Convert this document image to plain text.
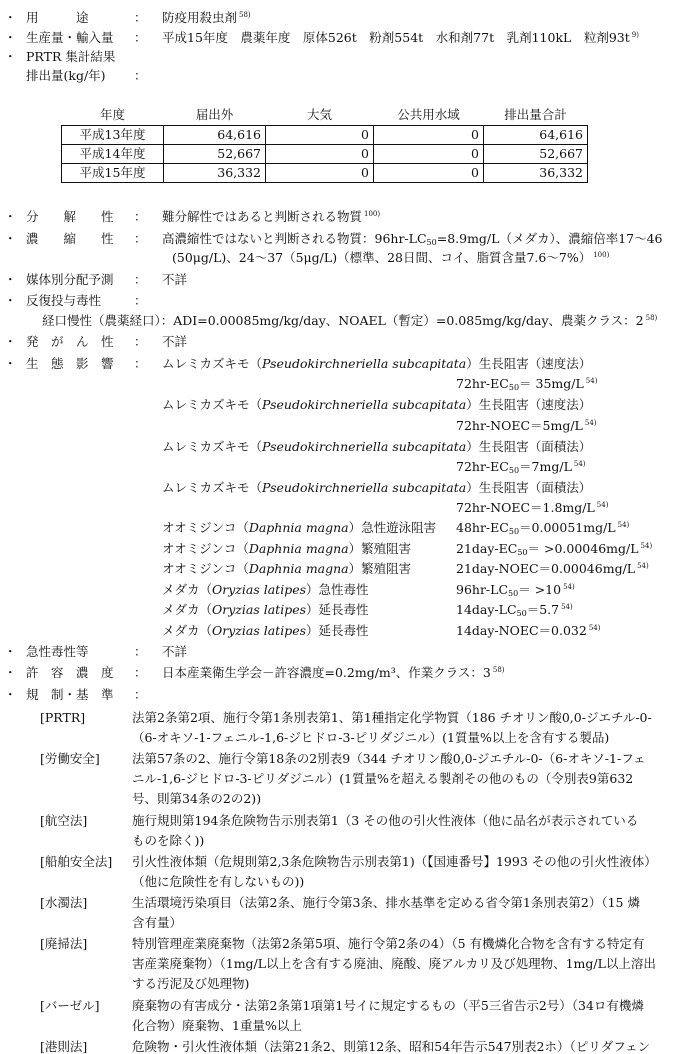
・ 用　　　途	： 防疫用殺虫剤 $^{58)}$
・ 生産量・輸入量 ： 平成15年度　農薬年度　原体526t　粉剤554t　水和剤77t　乳剤110kL　粒剤93t $^{9)}$
・ PRTR 集計結果
排出量(kg/年) ：
年度	届出外	大気	公共用水域	排出量合計
平成13年度	64,616	0	0	64,616
平成14年度	52,667	0	0	52,667
平成15年度	36,332	0	0	36,332
・ 分　　解　　性 ： 難分解性ではあると判断される物質 $^{100)}$
・ 濃　　縮　　性 ： 高濃縮性ではないと判断される物質：$96hr-LC_{50}=8.9mg/L$（メダカ）、濃縮倍率17～46
(50μg/L)、24～37（5μg/L)（標準、28日間、コイ、脂質含量7.6～7%） $^{100)}$
・ 媒体別分配予測 ： 不詳
・ 反復投与毒性	：
経口慢性（農薬経口）：ADI=0.00085mg/kg/day、NOAEL（暫定）=0.085mg/kg/day、農薬クラス：2 $^{58)}$
・ 発　が　ん　性 ： 不詳
・ 生　態　影　響 ： ムレミカズキモ（Pseudokirchneriella subcapitata）生長阻害（速度法）
$72hr-EC_{50}= 35mg/L$ $^{54)}$
ムレミカズキモ（Pseudokirchneriella subcapitata）生長阻害（速度法）
72hr-NOEC＝5mg/L $^{54)}$
ムレミカズキモ（Pseudokirchneriella subcapitata）生長阻害（面積法）
$72hr-EC_{50}=7mg/L$ $^{54)}$
ムレミカズキモ（Pseudokirchneriella subcapitata）生長阻害（面積法）
72hr-NOEC＝1.8mg/L $^{54)}$
オオミジンコ（Daphnia magna）急性遊泳阻害 $48hr-EC_{50}=0.00051mg/L$ $^{54)}$
オオミジンコ（Daphnia magna）繁殖阻害	$21day-EC_{50}= >0.00046mg/L$ $^{54)}$
オオミジンコ（Daphnia magna）繁殖阻害	21day-NOEC＝0.00046mg/L $^{54)}$
メダカ（Oryzias latipes）急性毒性	$96hr-LC_{50}= >10$ $^{54)}$
メダカ（Oryzias latipes）延長毒性	$14day-LC_{50}=5.7$ $^{54)}$
メダカ（Oryzias latipes）延長毒性	14day-NOEC＝0.032 $^{54)}$
・ 急性毒性等	： 不詳
・ 許　容　濃　度 ： 日本産業衛生学会－許容濃度=0.2mg/m³、作業クラス：3 $^{58)}$
・ 規　制・基　準 ：
[PRTR]	法第2条第2項、施行令第1条別表第1、第1種指定化学物質（186 チオリン酸0,0-ジエチル-0-
（6-オキソ-1-フェニル-1,6-ジヒドロ-3-ピリダジニル）(1質量%以上を含有する製品)
[労働安全]	法第57条の2、施行令第18条の2別表9（344 チオリン酸0,0-ジエチル-0-（6-オキソ-1-フェ
ニル-1,6-ジヒドロ-3-ピリダジニル）(1質量%を超える製剤その他のもの（令別表9第632
号、則第34条の2の2))
[航空法]	施行規則第194条危険物告示別表第1（3 その他の引火性液体（他に品名が表示されている
ものを除く))
[船舶安全法] 引火性液体類（危規則第2,3条危険物告示別表第1)（【国連番号】1993 その他の引火性液体）
（他に危険性を有しないもの))
[水濁法]	生活環境汚染項目（法第2条、施行令第3条、排水基準を定める省令第1条別表第2）（15 燐
含有量）
[廃掃法]	特別管理産業廃棄物（法第2条第5項、施行令第2条の4）（5 有機燐化合物を含有する特定有
害産業廃棄物）（1mg/L以上を含有する廃油、廃酸、廃アルカリ及び処理物、1mg/L以上溶出
する汚泥及び処理物)
[バーゼル]	廃棄物の有害成分・法第2条第1項第1号イに規定するもの（平5三省告示2号）（34ロ有機燐
化合物）廃棄物、1重量%以上
[港則法]	危険物・引火性液体類（法第21条2、則第12条、昭和54年告示547別表2ホ）（ピリダフェン
